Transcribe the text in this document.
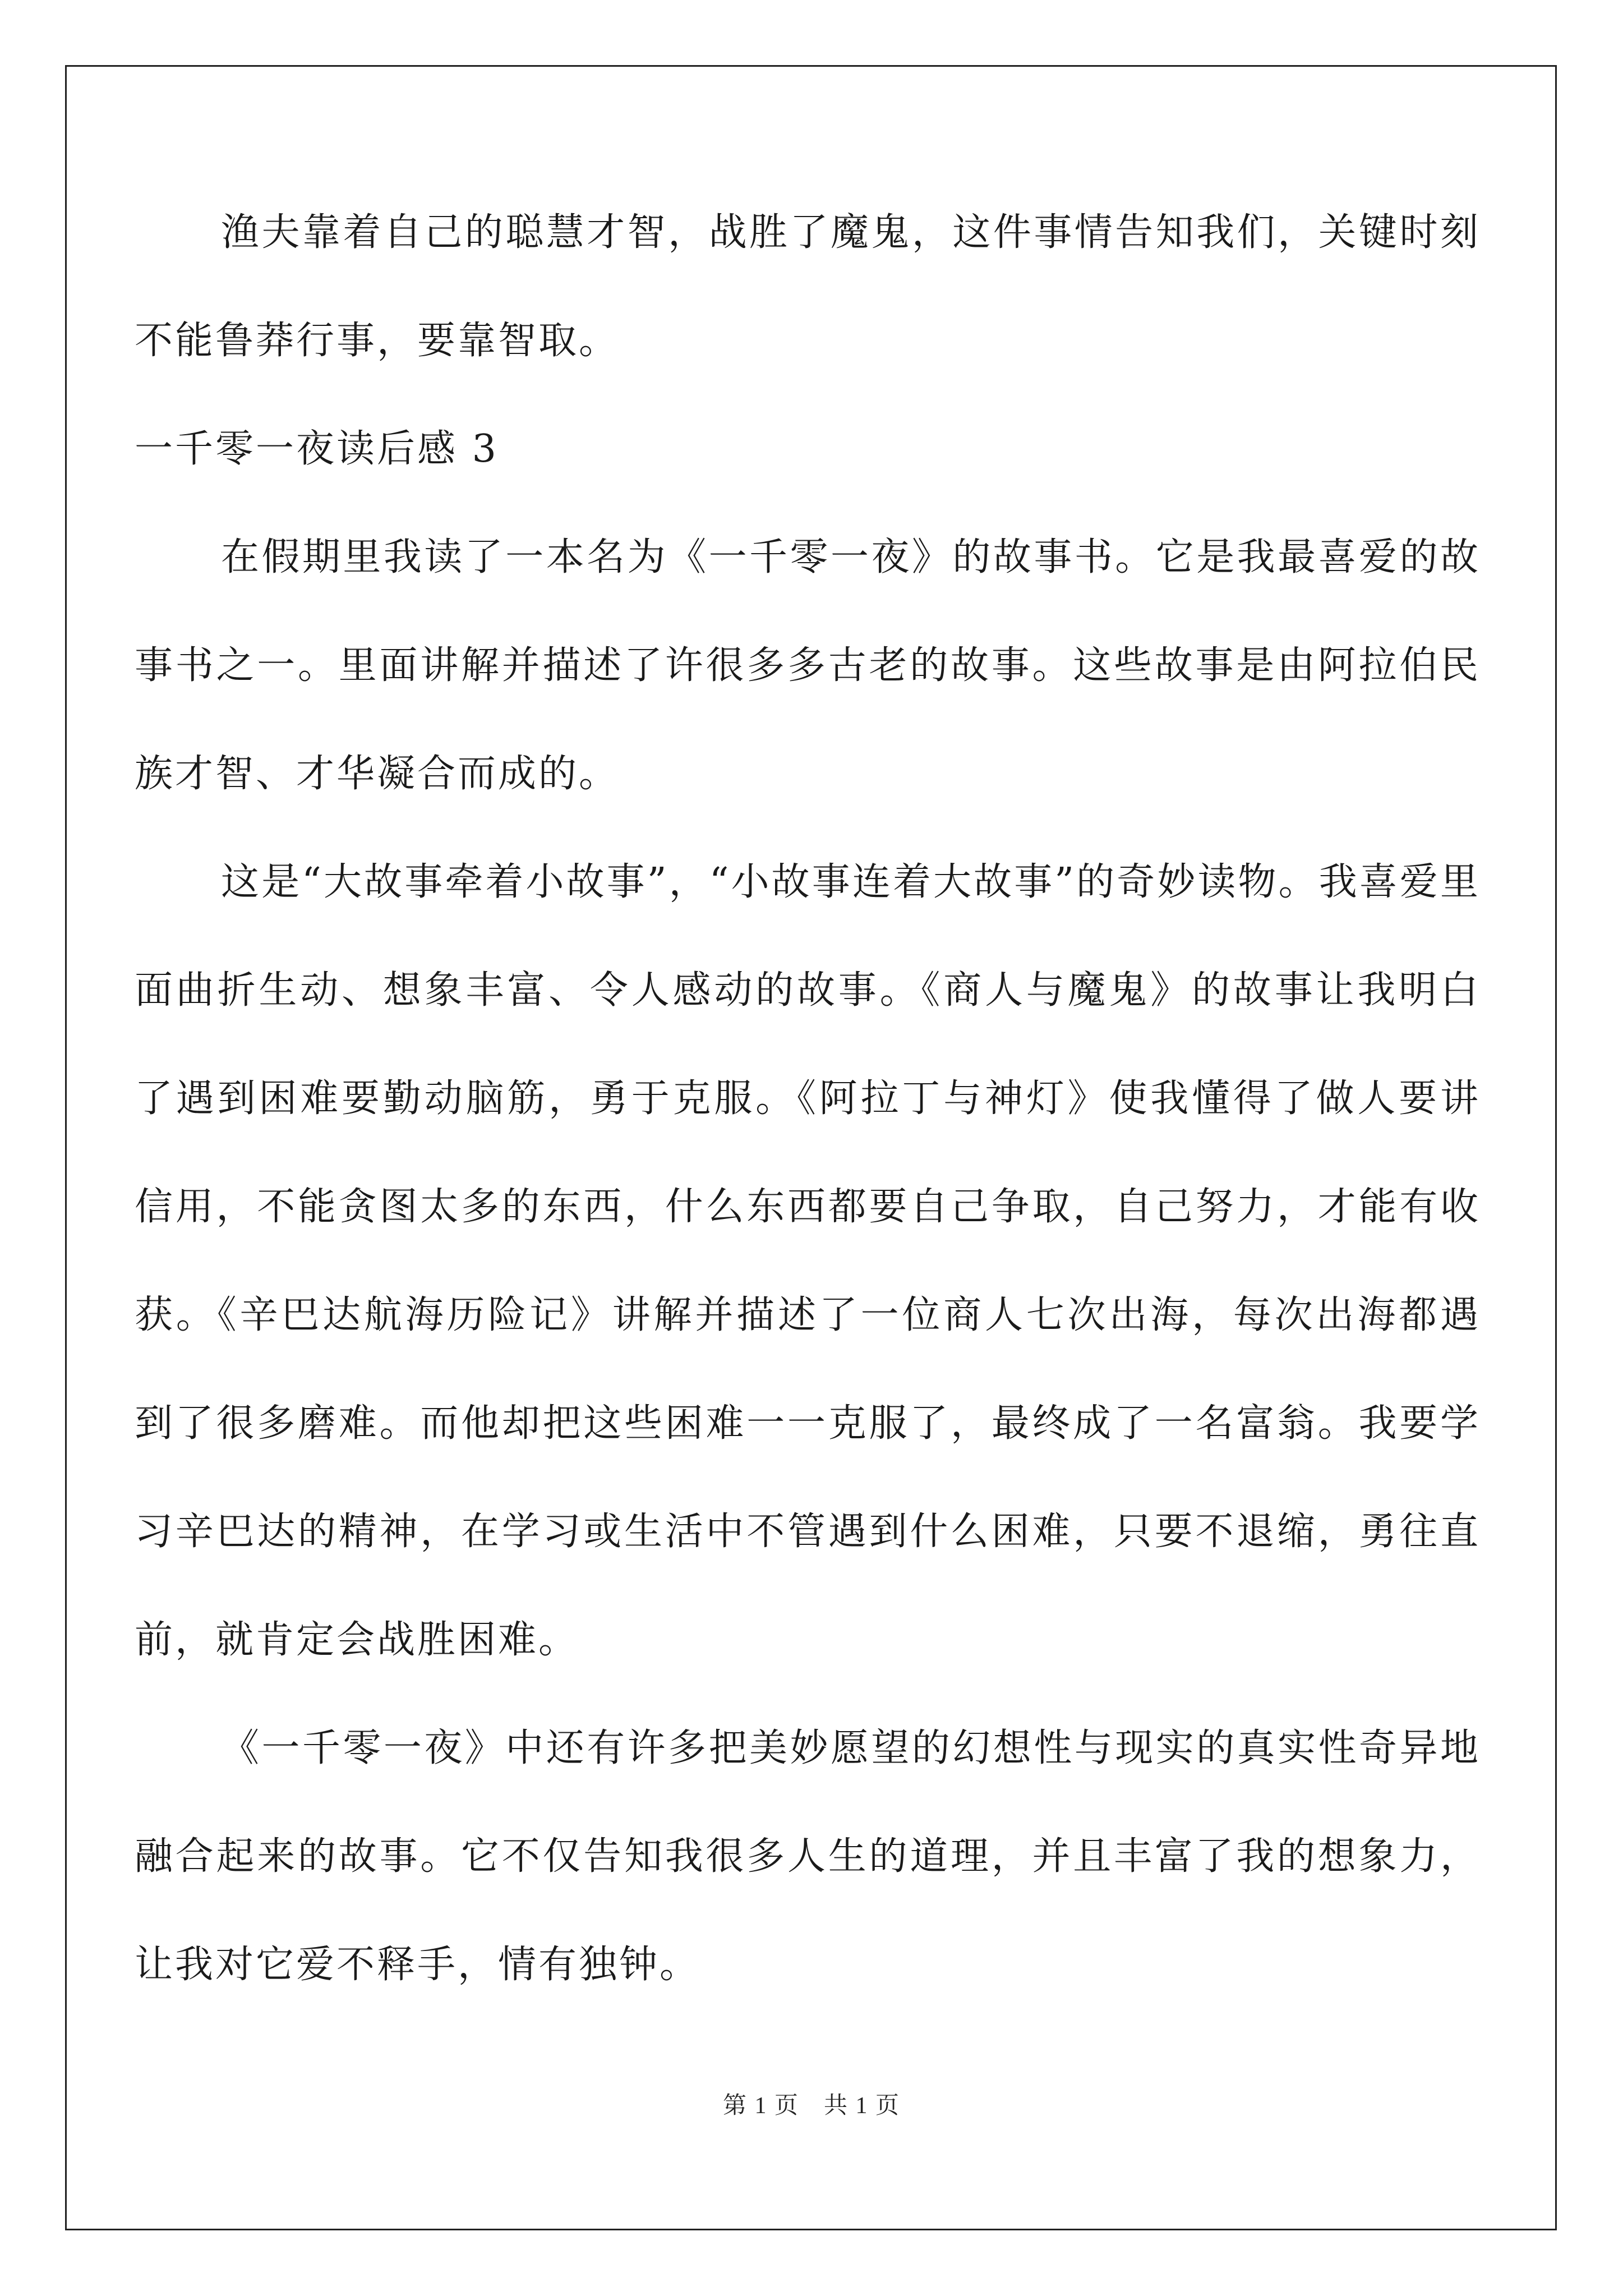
渔夫靠着自己的聪慧才智，战胜了魔鬼，这件事情告知我们，关键时刻不能鲁莽行事，要靠智取。

一千零一夜读后感 3

在假期里我读了一本名为《一千零一夜》的故事书。它是我最喜爱的故事书之一。里面讲解并描述了许很多多古老的故事。这些故事是由阿拉伯民族才智、才华凝合而成的。

这是“大故事牵着小故事”，“小故事连着大故事”的奇妙读物。我喜爱里面曲折生动、想象丰富、令人感动的故事。《商人与魔鬼》的故事让我明白了遇到困难要勤动脑筋，勇于克服。《阿拉丁与神灯》使我懂得了做人要讲信用，不能贪图太多的东西，什么东西都要自己争取，自己努力，才能有收获。《辛巴达航海历险记》讲解并描述了一位商人七次出海，每次出海都遇到了很多磨难。而他却把这些困难一一克服了，最终成了一名富翁。我要学习辛巴达的精神，在学习或生活中不管遇到什么困难，只要不退缩，勇往直前，就肯定会战胜困难。

《一千零一夜》中还有许多把美妙愿望的幻想性与现实的真实性奇异地融合起来的故事。它不仅告知我很多人生的道理，并且丰富了我的想象力，让我对它爱不释手，情有独钟。

第 1 页　共 1 页
